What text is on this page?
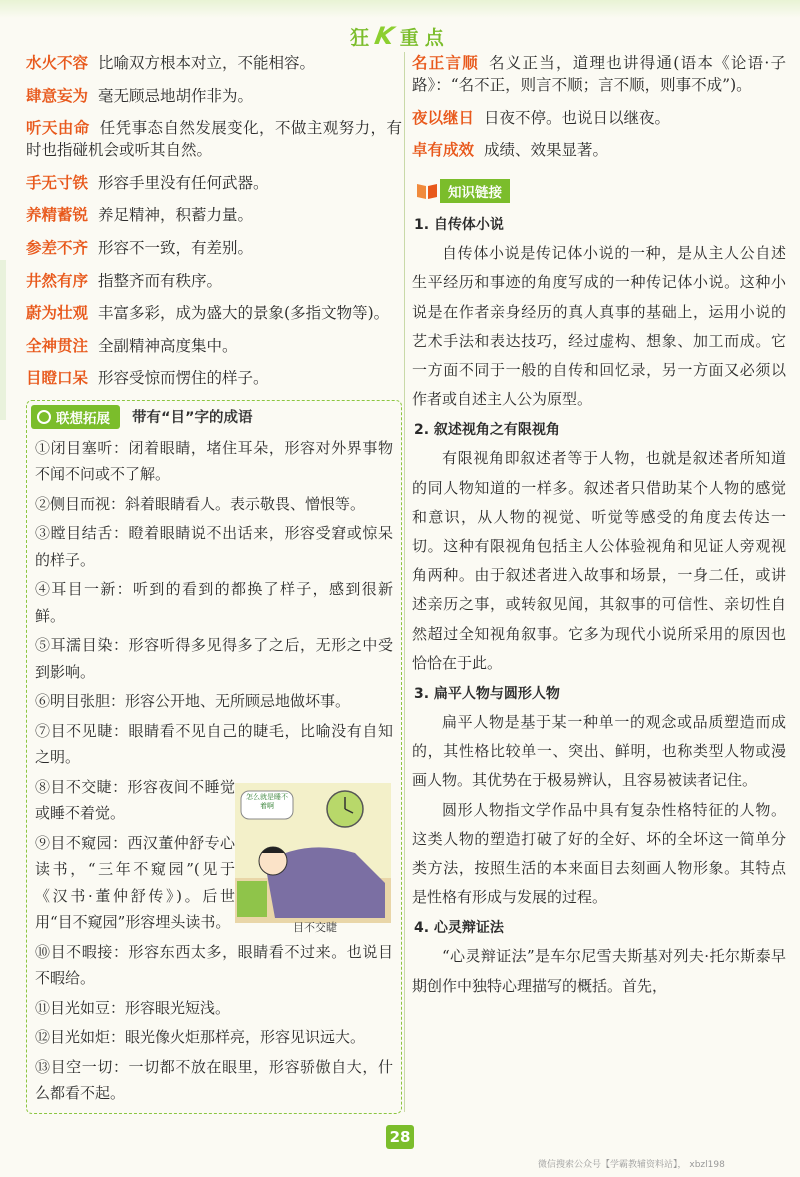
狂K重点
水火不容 比喻双方根本对立，不能相容。
肆意妄为 毫无顾忌地胡作非为。
听天由命 任凭事态自然发展变化，不做主观努力，有时也指碰机会或听其自然。
手无寸铁 形容手里没有任何武器。
养精蓄锐 养足精神，积蓄力量。
参差不齐 形容不一致，有差别。
井然有序 指整齐而有秩序。
蔚为壮观 丰富多彩，成为盛大的景象(多指文物等)。
全神贯注 全副精神高度集中。
目瞪口呆 形容受惊而愣住的样子。
联想拓展 带有“目”字的成语
①闭目塞听：闭着眼睛，堵住耳朵，形容对外界事物不闻不问或不了解。
②侧目而视：斜着眼睛看人。表示敬畏、憎恨等。
③瞠目结舌：瞪着眼睛说不出话来，形容受窘或惊呆的样子。
④耳目一新：听到的看到的都换了样子，感到很新鲜。
⑤耳濡目染：形容听得多见得多了之后，无形之中受到影响。
⑥明目张胆：形容公开地、无所顾忌地做坏事。
⑦目不见睫：眼睛看不见自己的睫毛，比喻没有自知之明。
⑧目不交睫：形容夜间不睡觉或睡不着觉。
⑨目不窥园：西汉董仲舒专心读书，“三年不窥园”(见于《汉书·董仲舒传》)。后世用“目不窥园”形容埋头读书。
⑩目不暇接：形容东西太多，眼睛看不过来。也说目不暇给。
⑪目光如豆：形容眼光短浅。
⑫目光如炬：眼光像火炬那样亮，形容见识远大。
⑬目空一切：一切都不放在眼里，形容骄傲自大，什么都看不起。
怎么就是睡不着啊
目不交睫
名正言顺 名义正当，道理也讲得通(语本《论语·子路》：“名不正，则言不顺；言不顺，则事不成”)。
夜以继日 日夜不停。也说日以继夜。
卓有成效 成绩、效果显著。
知识链接
1. 自传体小说

自传体小说是传记体小说的一种，是从主人公自述生平经历和事迹的角度写成的一种传记体小说。这种小说是在作者亲身经历的真人真事的基础上，运用小说的艺术手法和表达技巧，经过虚构、想象、加工而成。它一方面不同于一般的自传和回忆录，另一方面又必须以作者或自述主人公为原型。

2. 叙述视角之有限视角

有限视角即叙述者等于人物，也就是叙述者所知道的同人物知道的一样多。叙述者只借助某个人物的感觉和意识，从人物的视觉、听觉等感受的角度去传达一切。这种有限视角包括主人公体验视角和见证人旁观视角两种。由于叙述者进入故事和场景，一身二任，或讲述亲历之事，或转叙见闻，其叙事的可信性、亲切性自然超过全知视角叙事。它多为现代小说所采用的原因也恰恰在于此。

3. 扁平人物与圆形人物

扁平人物是基于某一种单一的观念或品质塑造而成的，其性格比较单一、突出、鲜明，也称类型人物或漫画人物。其优势在于极易辨认，且容易被读者记住。

圆形人物指文学作品中具有复杂性格特征的人物。这类人物的塑造打破了好的全好、坏的全坏这一简单分类方法，按照生活的本来面目去刻画人物形象。其特点是性格有形成与发展的过程。

4. 心灵辩证法

“心灵辩证法”是车尔尼雪夫斯基对列夫·托尔斯泰早期创作中独特心理描写的概括。首先，

28
微信搜索公众号【学霸教辅资料站】， xbzl198
